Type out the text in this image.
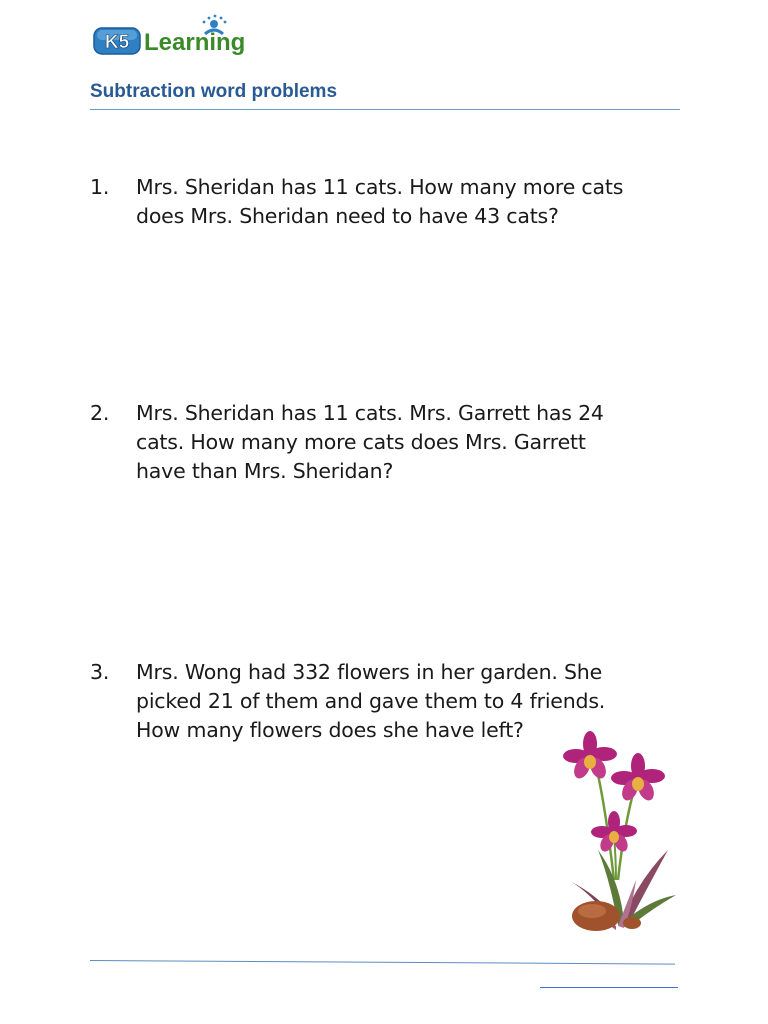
K5 Learning
Subtraction word problems
1.	Mrs. Sheridan has 11 cats. How many more cats
does Mrs. Sheridan need to have 43 cats?
2.	Mrs. Sheridan has 11 cats. Mrs. Garrett has 24
cats. How many more cats does Mrs. Garrett
have than Mrs. Sheridan?
3.	Mrs. Wong had 332 flowers in her garden. She
picked 21 of them and gave them to 4 friends.
How many flowers does she have left?
